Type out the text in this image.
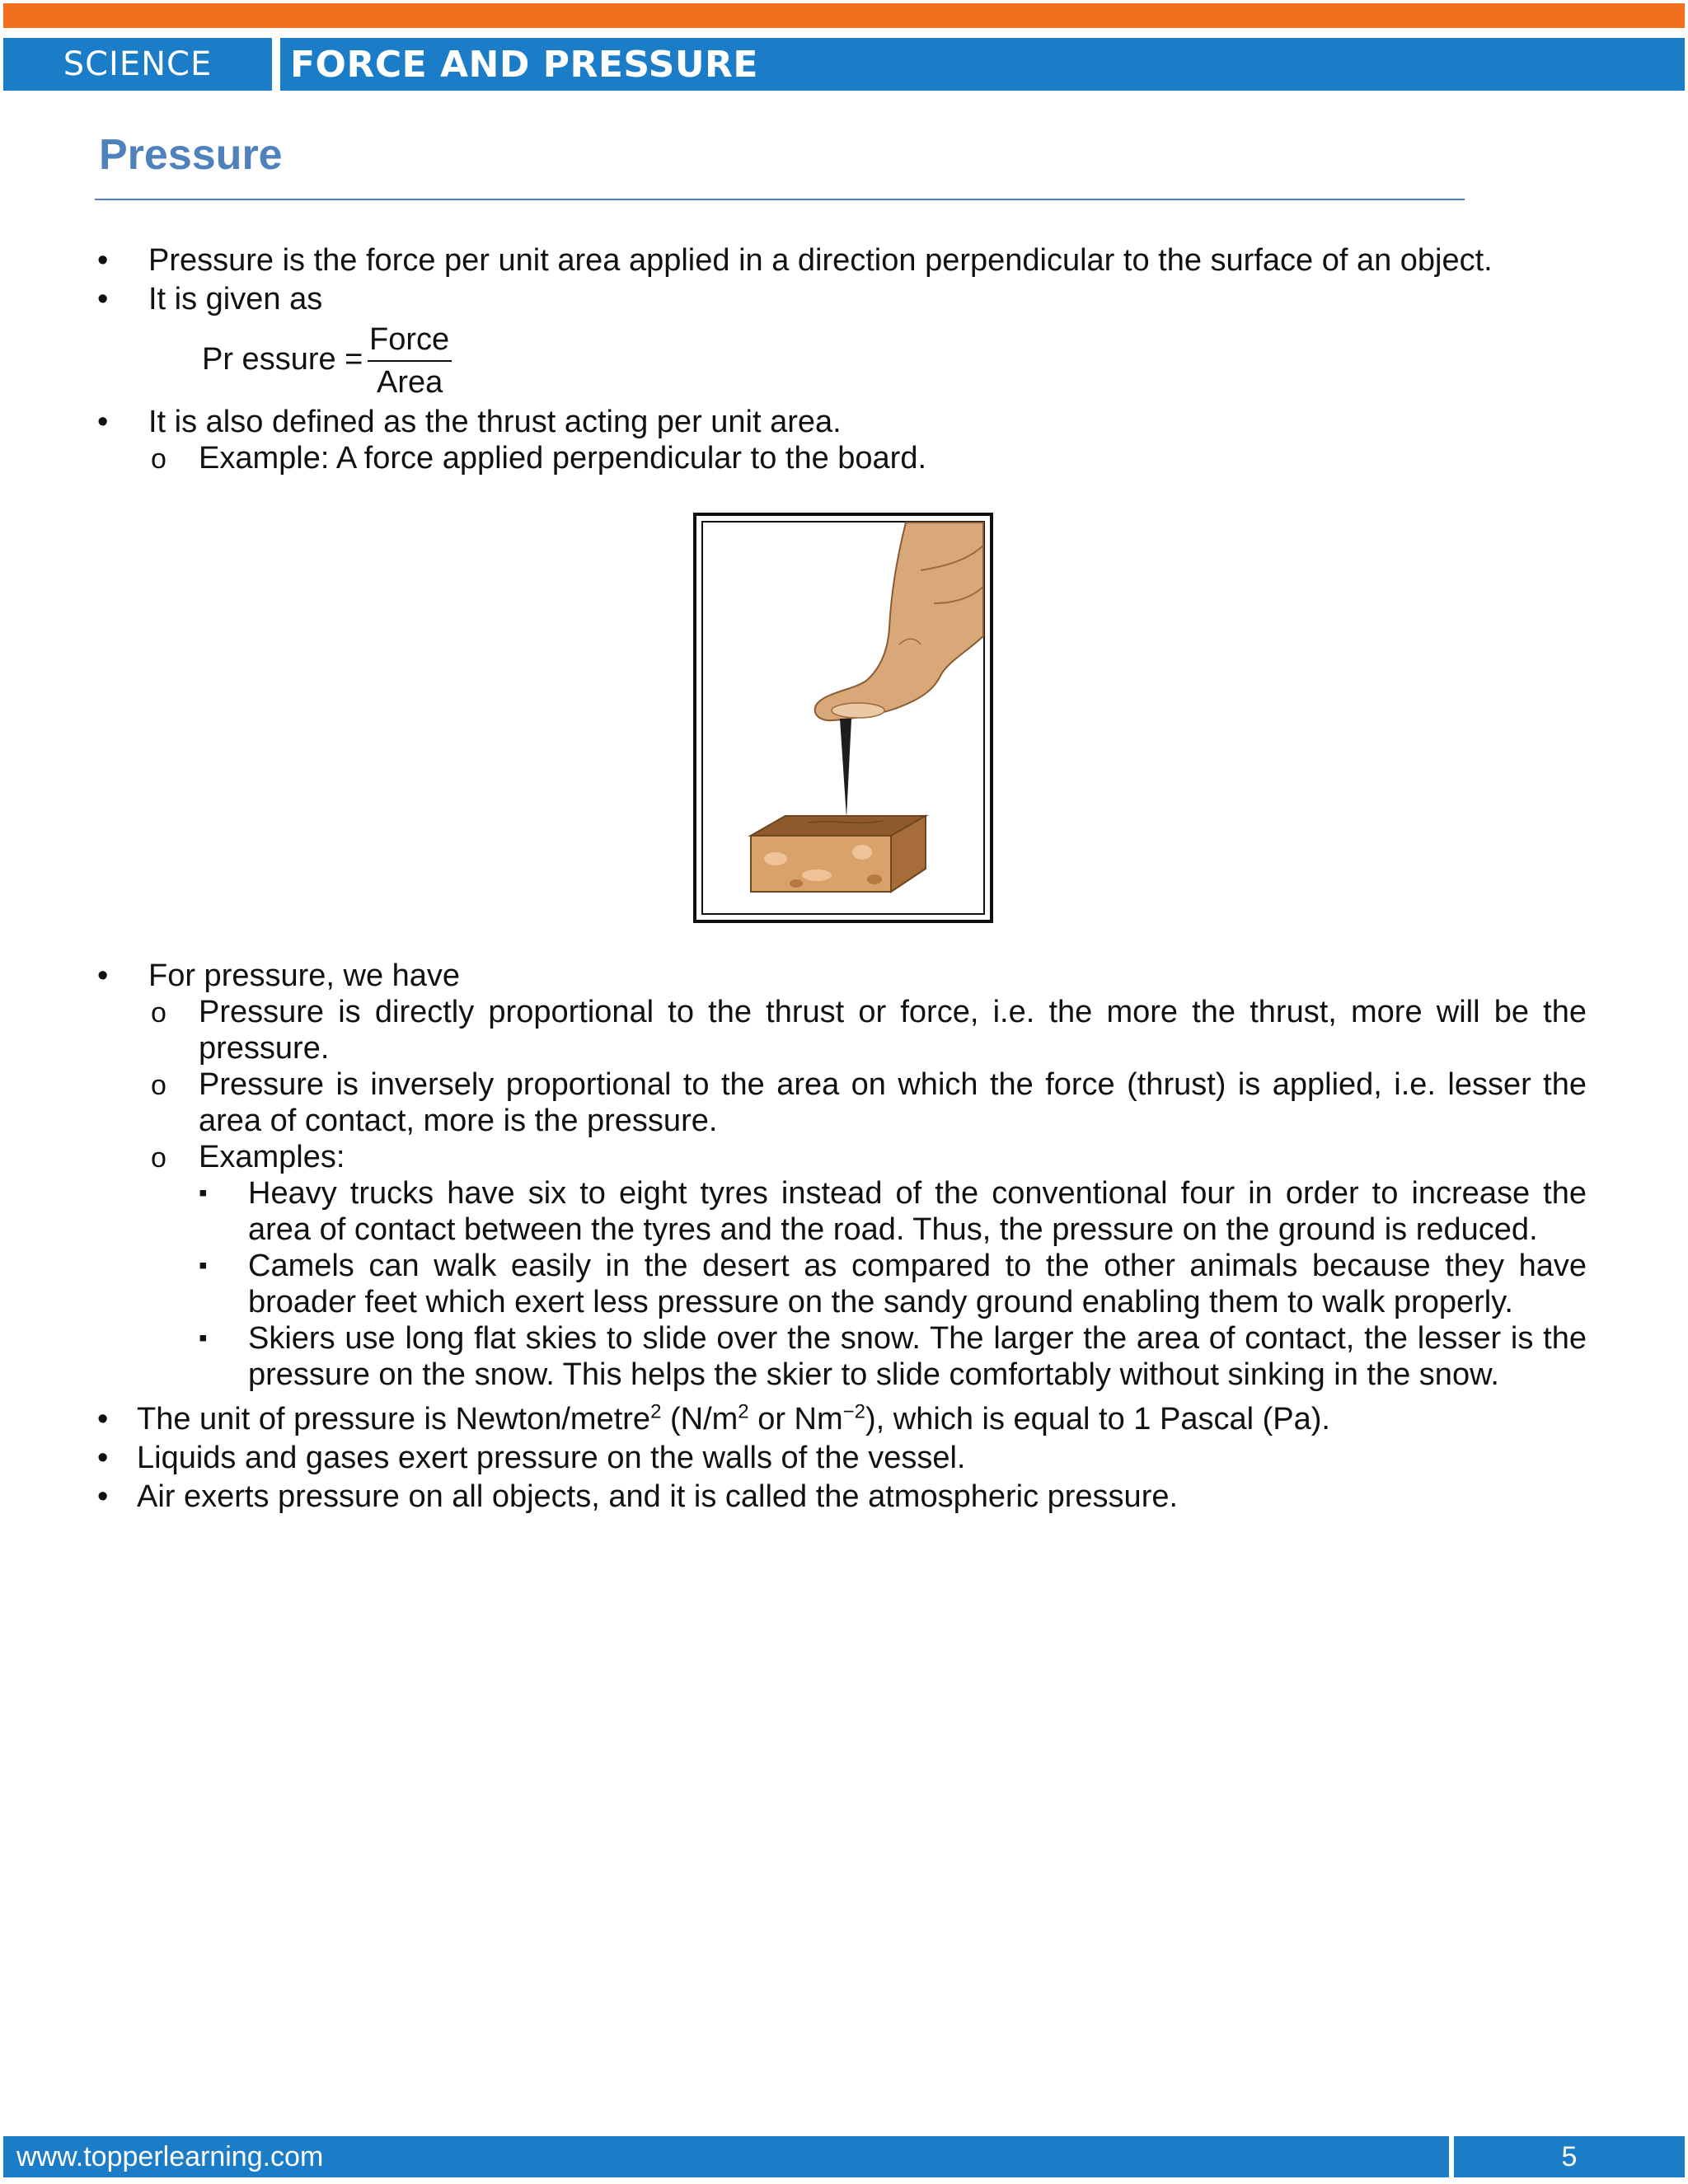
SCIENCE	FORCE AND PRESSURE
Pressure
• Pressure is the force per unit area applied in a direction perpendicular to the surface of an object.
• It is given as
Pr essure =
Force
Area
• It is also defined as the thrust acting per unit area.
o Example: A force applied perpendicular to the board.
• For pressure, we have
o Pressure is directly proportional to the thrust or force, i.e. the more the thrust, more will be the
pressure.
o Pressure is inversely proportional to the area on which the force (thrust) is applied, i.e. lesser the
area of contact, more is the pressure.
o Examples:
▪ Heavy trucks have six to eight tyres instead of the conventional four in order to increase the
area of contact between the tyres and the road. Thus, the pressure on the ground is reduced.
▪ Camels can walk easily in the desert as compared to the other animals because they have
broader feet which exert less pressure on the sandy ground enabling them to walk properly.
▪ Skiers use long flat skies to slide over the snow. The larger the area of contact, the lesser is the
pressure on the snow. This helps the skier to slide comfortably without sinking in the snow.
• The unit of pressure is Newton/metre$^2$ ($N/m^2$ or $Nm^{-2}$), which is equal to 1 Pascal (Pa).
• Liquids and gases exert pressure on the walls of the vessel.
• Air exerts pressure on all objects, and it is called the atmospheric pressure.
www.topperlearning.com	5
